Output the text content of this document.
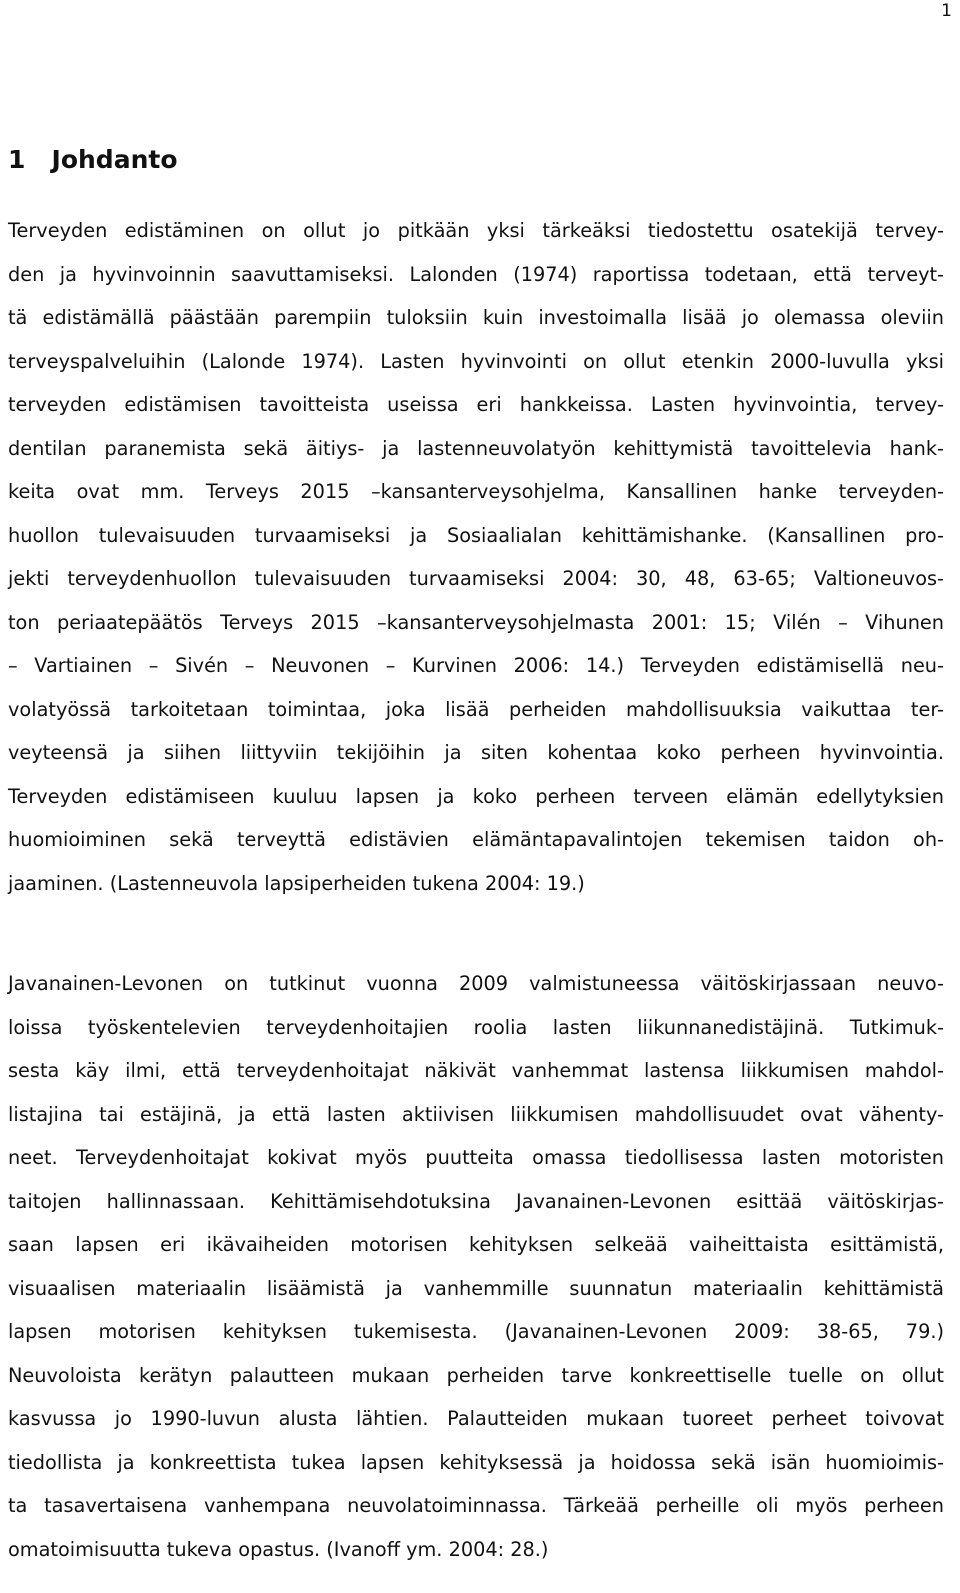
1
1 Johdanto
Terveyden edistäminen on ollut jo pitkään yksi tärkeäksi tiedostettu osatekijä tervey-
den ja hyvinvoinnin saavuttamiseksi. Lalonden (1974) raportissa todetaan, että terveyt-
tä edistämällä päästään parempiin tuloksiin kuin investoimalla lisää jo olemassa oleviin
terveyspalveluihin (Lalonde 1974). Lasten hyvinvointi on ollut etenkin 2000-luvulla yksi
terveyden edistämisen tavoitteista useissa eri hankkeissa. Lasten hyvinvointia, tervey-
dentilan paranemista sekä äitiys- ja lastenneuvolatyön kehittymistä tavoittelevia hank-
keita ovat mm. Terveys 2015 –kansanterveysohjelma, Kansallinen hanke terveyden-
huollon tulevaisuuden turvaamiseksi ja Sosiaalialan kehittämishanke. (Kansallinen pro-
jekti terveydenhuollon tulevaisuuden turvaamiseksi 2004: 30, 48, 63-65; Valtioneuvos-
ton periaatepäätös Terveys 2015 –kansanterveysohjelmasta 2001: 15; Vilén – Vihunen
– Vartiainen – Sivén – Neuvonen – Kurvinen 2006: 14.) Terveyden edistämisellä neu-
volatyössä tarkoitetaan toimintaa, joka lisää perheiden mahdollisuuksia vaikuttaa ter-
veyteensä ja siihen liittyviin tekijöihin ja siten kohentaa koko perheen hyvinvointia.
Terveyden edistämiseen kuuluu lapsen ja koko perheen terveen elämän edellytyksien
huomioiminen sekä terveyttä edistävien elämäntapavalintojen tekemisen taidon oh-
jaaminen. (Lastenneuvola lapsiperheiden tukena 2004: 19.)
Javanainen-Levonen on tutkinut vuonna 2009 valmistuneessa väitöskirjassaan neuvo-
loissa työskentelevien terveydenhoitajien roolia lasten liikunnanedistäjinä. Tutkimuk-
sesta käy ilmi, että terveydenhoitajat näkivät vanhemmat lastensa liikkumisen mahdol-
listajina tai estäjinä, ja että lasten aktiivisen liikkumisen mahdollisuudet ovat vähenty-
neet. Terveydenhoitajat kokivat myös puutteita omassa tiedollisessa lasten motoristen
taitojen hallinnassaan. Kehittämisehdotuksina Javanainen-Levonen esittää väitöskirjas-
saan lapsen eri ikävaiheiden motorisen kehityksen selkeää vaiheittaista esittämistä,
visuaalisen materiaalin lisäämistä ja vanhemmille suunnatun materiaalin kehittämistä
lapsen motorisen kehityksen tukemisesta. (Javanainen-Levonen 2009: 38-65, 79.)
Neuvoloista kerätyn palautteen mukaan perheiden tarve konkreettiselle tuelle on ollut
kasvussa jo 1990-luvun alusta lähtien. Palautteiden mukaan tuoreet perheet toivovat
tiedollista ja konkreettista tukea lapsen kehityksessä ja hoidossa sekä isän huomioimis-
ta tasavertaisena vanhempana neuvolatoiminnassa. Tärkeää perheille oli myös perheen
omatoimisuutta tukeva opastus. (Ivanoff ym. 2004: 28.)
